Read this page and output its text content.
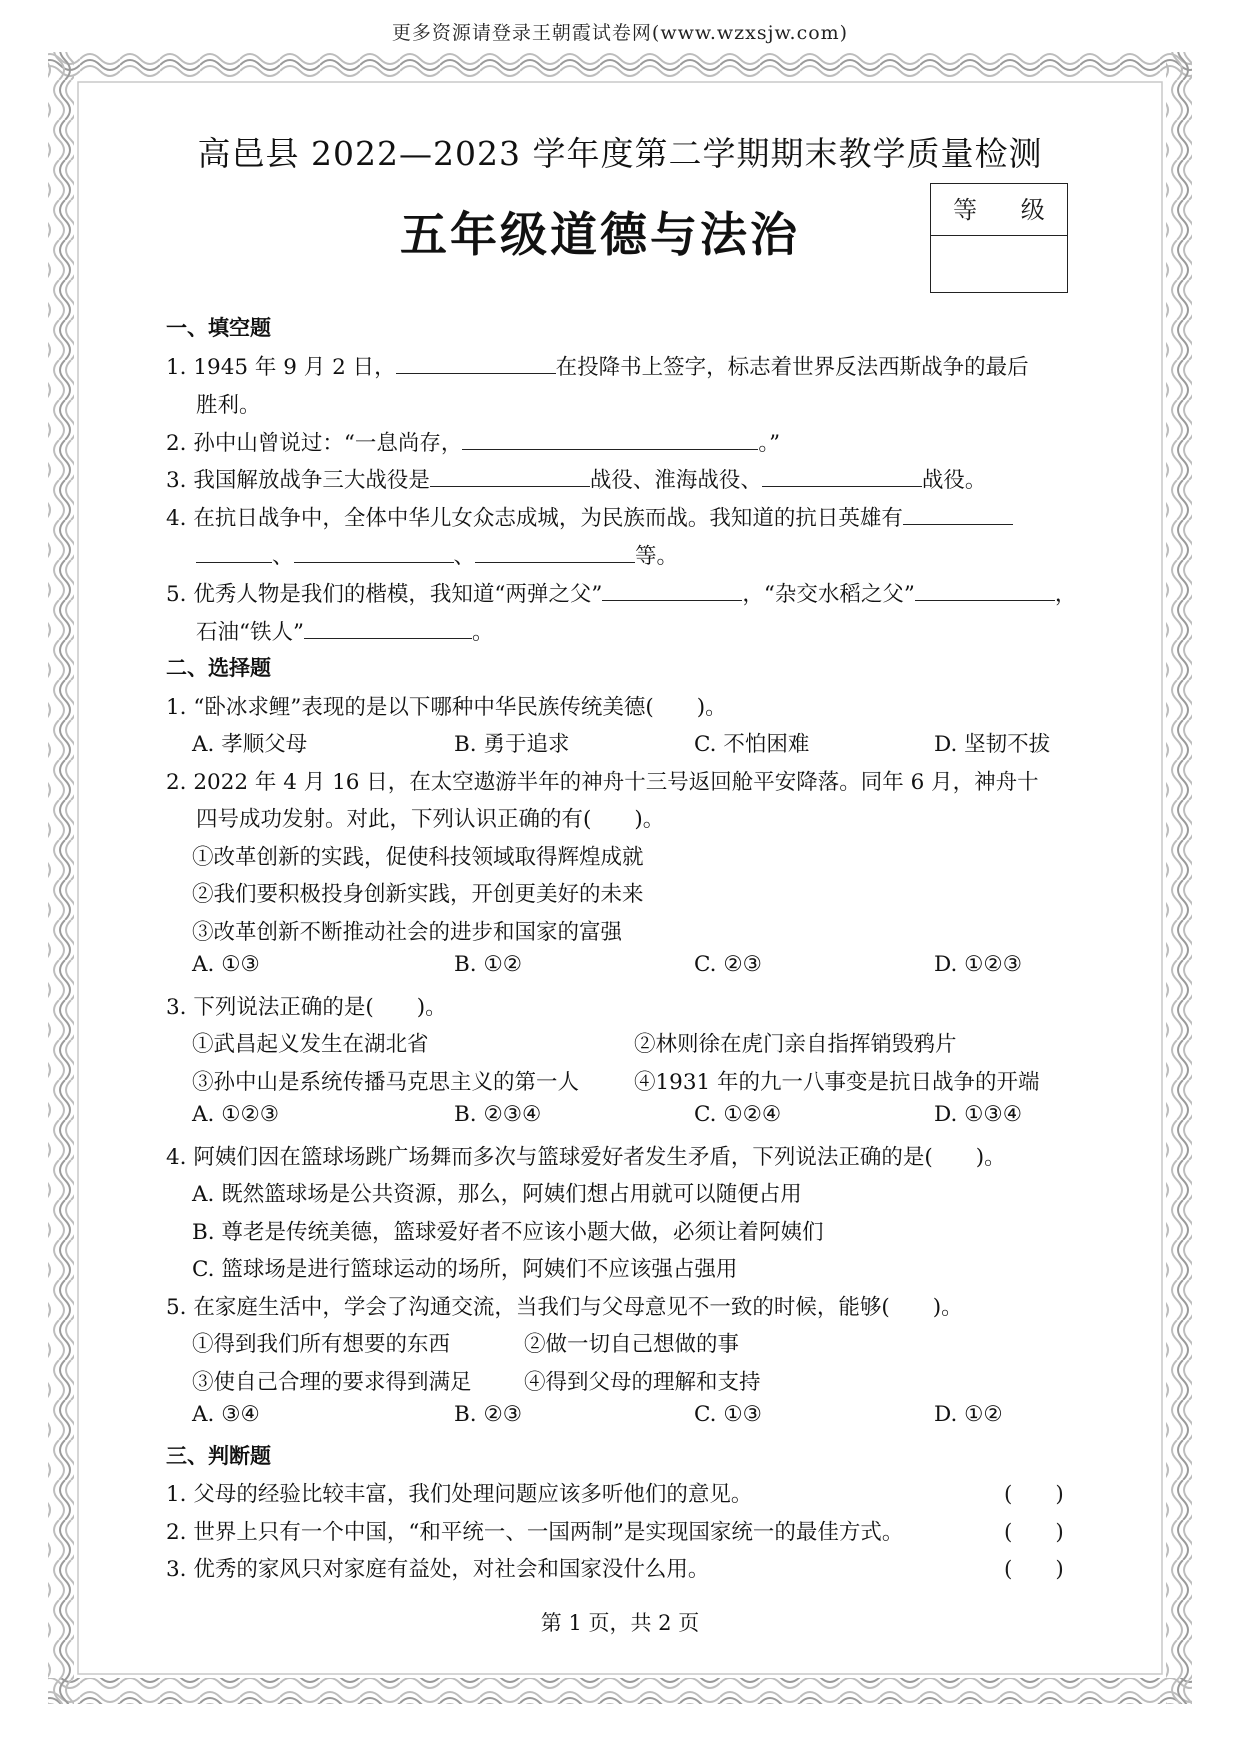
更多资源请登录王朝霞试卷网(www.wzxsjw.com)
高邑县 2022—2023 学年度第二学期期末教学质量检测
五年级道德与法治	等 级
一、填空题
1. 1945 年 9 月 2 日，	在投降书上签字，标志着世界反法西斯战争的最后
胜利。
2. 孙中山曾说过：“一息尚存，	。”
3. 我国解放战争三大战役是	战役、淮海战役、	战役。
4. 在抗日战争中，全体中华儿女众志成城，为民族而战。我知道的抗日英雄有
、	、	等。
5. 优秀人物是我们的楷模，我知道“两弹之父”	，“杂交水稻之父”	，
石油“铁人”	。
二、选择题
1. “卧冰求鲤”表现的是以下哪种中华民族传统美德(　　)。
A. 孝顺父母	B. 勇于追求	C. 不怕困难	D. 坚韧不拔
2. 2022 年 4 月 16 日，在太空遨游半年的神舟十三号返回舱平安降落。同年 6 月，神舟十
四号成功发射。对此，下列认识正确的有(　　)。
①改革创新的实践，促使科技领域取得辉煌成就
②我们要积极投身创新实践，开创更美好的未来
③改革创新不断推动社会的进步和国家的富强
A. ①③	B. ①②	C. ②③	D. ①②③
3. 下列说法正确的是(　　)。
①武昌起义发生在湖北省	②林则徐在虎门亲自指挥销毁鸦片
③孙中山是系统传播马克思主义的第一人	④1931 年的九一八事变是抗日战争的开端
A. ①②③	B. ②③④	C. ①②④	D. ①③④
4. 阿姨们因在篮球场跳广场舞而多次与篮球爱好者发生矛盾，下列说法正确的是(　　)。
A. 既然篮球场是公共资源，那么，阿姨们想占用就可以随便占用
B. 尊老是传统美德，篮球爱好者不应该小题大做，必须让着阿姨们
C. 篮球场是进行篮球运动的场所，阿姨们不应该强占强用
5. 在家庭生活中，学会了沟通交流，当我们与父母意见不一致的时候，能够(　　)。
①得到我们所有想要的东西	②做一切自己想做的事
③使自己合理的要求得到满足 ④得到父母的理解和支持
A. ③④	B. ②③	C. ①③	D. ①②
三、判断题
1. 父母的经验比较丰富，我们处理问题应该多听他们的意见。	(　　)
2. 世界上只有一个中国，“和平统一、一国两制”是实现国家统一的最佳方式。	(　　)
3. 优秀的家风只对家庭有益处，对社会和国家没什么用。	(　　)
第 1 页，共 2 页
